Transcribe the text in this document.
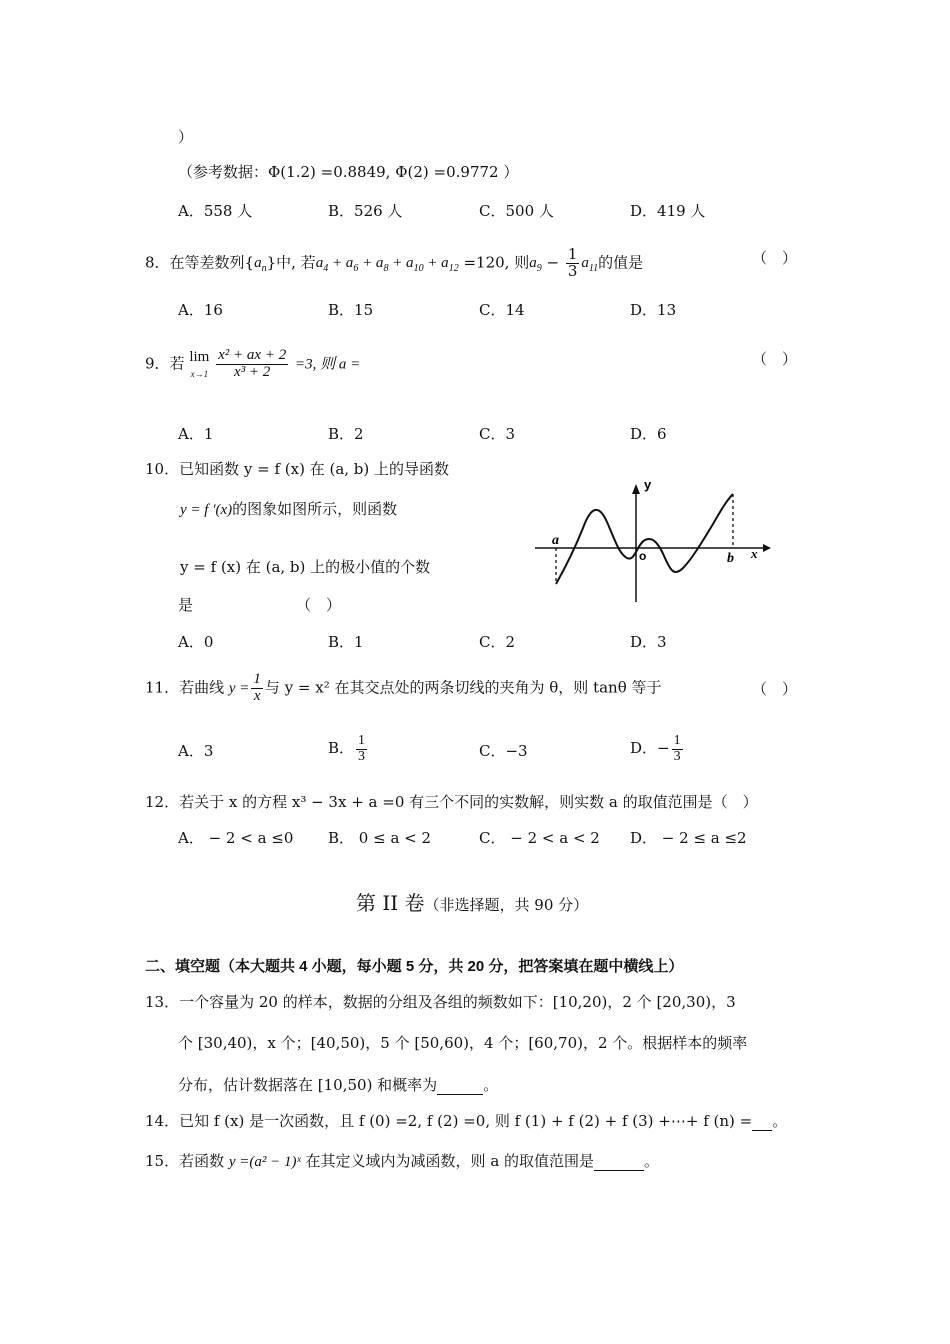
）
（参考数据：Φ(1.2) =0.8849, Φ(2) =0.9772 ）
A．558 人	B．526 人	C．500 人	D．419 人
8．在等差数列$\{a_n\}$中, 若$a_4 + a_6 + a_8 + a_{10} + a_{12} =120$, 则$a_9 - \frac{1}{3} a_{11}$的值是	（　）
A．16	B．15	C．14	D．13
9．若 lim
$x\to 1 \frac{\text{x² + ax + 2}}{\text{x³ + 2}} =3$, 则 a =	（　）
A．1	B．2	C．3	D．6
10．已知函数 y = f (x) 在 (a, b) 上的导函数
y = f ′(x)的图象如图所示，则函数
y = f (x) 在 (a, b) 上的极小值的个数
是	（　）
y
x
a
b
o
A．0	B．1	C．2	D．3
11．若曲线 $y = \frac{1}{x}$ 与 y = x² 在其交点处的两条切线的夹角为 θ，则 tanθ 等于	（　）
A．3	B． $\frac{1}{3}$	C．−3	D．− $\frac{1}{3}$
12．若关于 x 的方程 x³ − 3x + a =0 有三个不同的实数解，则实数 a 的取值范围是（　）
A． − 2 < a ≤0 B． 0 ≤ a < 2	C． − 2 < a < 2 D． − 2 ≤ a ≤2
第 II 卷（非选择题，共 90 分）
二、填空题（本大题共 4 小题，每小题 5 分，共 20 分，把答案填在题中横线上）
13．一个容量为 20 的样本，数据的分组及各组的频数如下：[10,20)，2 个 [20,30)，3
个 [30,40)，x 个；[40,50)，5 个 [50,60)，4 个；[60,70)，2 个。根据样本的频率
分布，估计数据落在 [10,50) 和概率为	。
14．已知 f (x) 是一次函数，且 f (0) =2, f (2) =0, 则 f (1) + f (2) + f (3) +⋯+ f (n) = 。
15．若函数 y =(a² − 1)ˣ 在其定义域内为减函数，则 a 的取值范围是	。
